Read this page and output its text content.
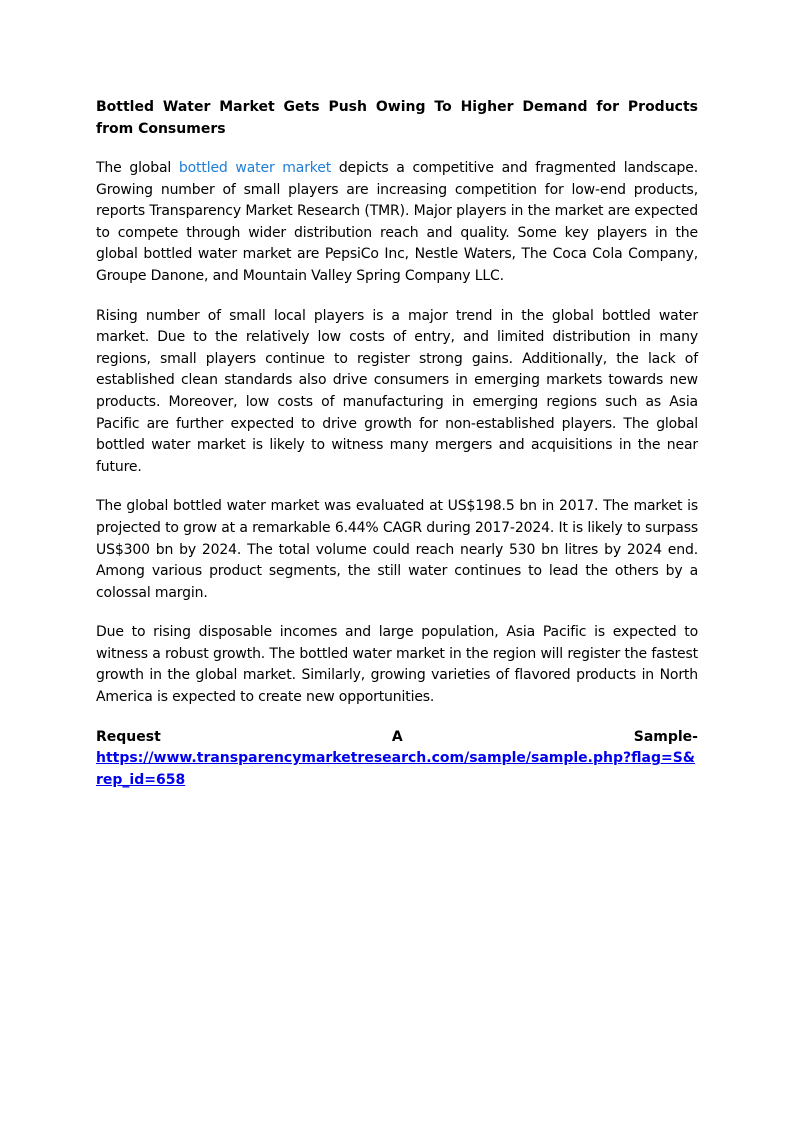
Bottled Water Market Gets Push Owing To Higher Demand for Products from Consumers

The global bottled water market depicts a competitive and fragmented landscape. Growing number of small players are increasing competition for low-end products, reports Transparency Market Research (TMR). Major players in the market are expected to compete through wider distribution reach and quality. Some key players in the global bottled water market are PepsiCo Inc, Nestle Waters, The Coca Cola Company, Groupe Danone, and Mountain Valley Spring Company LLC.

Rising number of small local players is a major trend in the global bottled water market. Due to the relatively low costs of entry, and limited distribution in many regions, small players continue to register strong gains. Additionally, the lack of established clean standards also drive consumers in emerging markets towards new products. Moreover, low costs of manufacturing in emerging regions such as Asia Pacific are further expected to drive growth for non-established players. The global bottled water market is likely to witness many mergers and acquisitions in the near future.

The global bottled water market was evaluated at US$198.5 bn in 2017. The market is projected to grow at a remarkable 6.44% CAGR during 2017-2024. It is likely to surpass US$300 bn by 2024. The total volume could reach nearly 530 bn litres by 2024 end. Among various product segments, the still water continues to lead the others by a colossal margin.

Due to rising disposable incomes and large population, Asia Pacific is expected to witness a robust growth. The bottled water market in the region will register the fastest growth in the global market. Similarly, growing varieties of flavored products in North America is expected to create new opportunities.

Request	A	Sample-
https://www.transparencymarketresearch.com/sample/sample.php?flag=S&rep_id=658
